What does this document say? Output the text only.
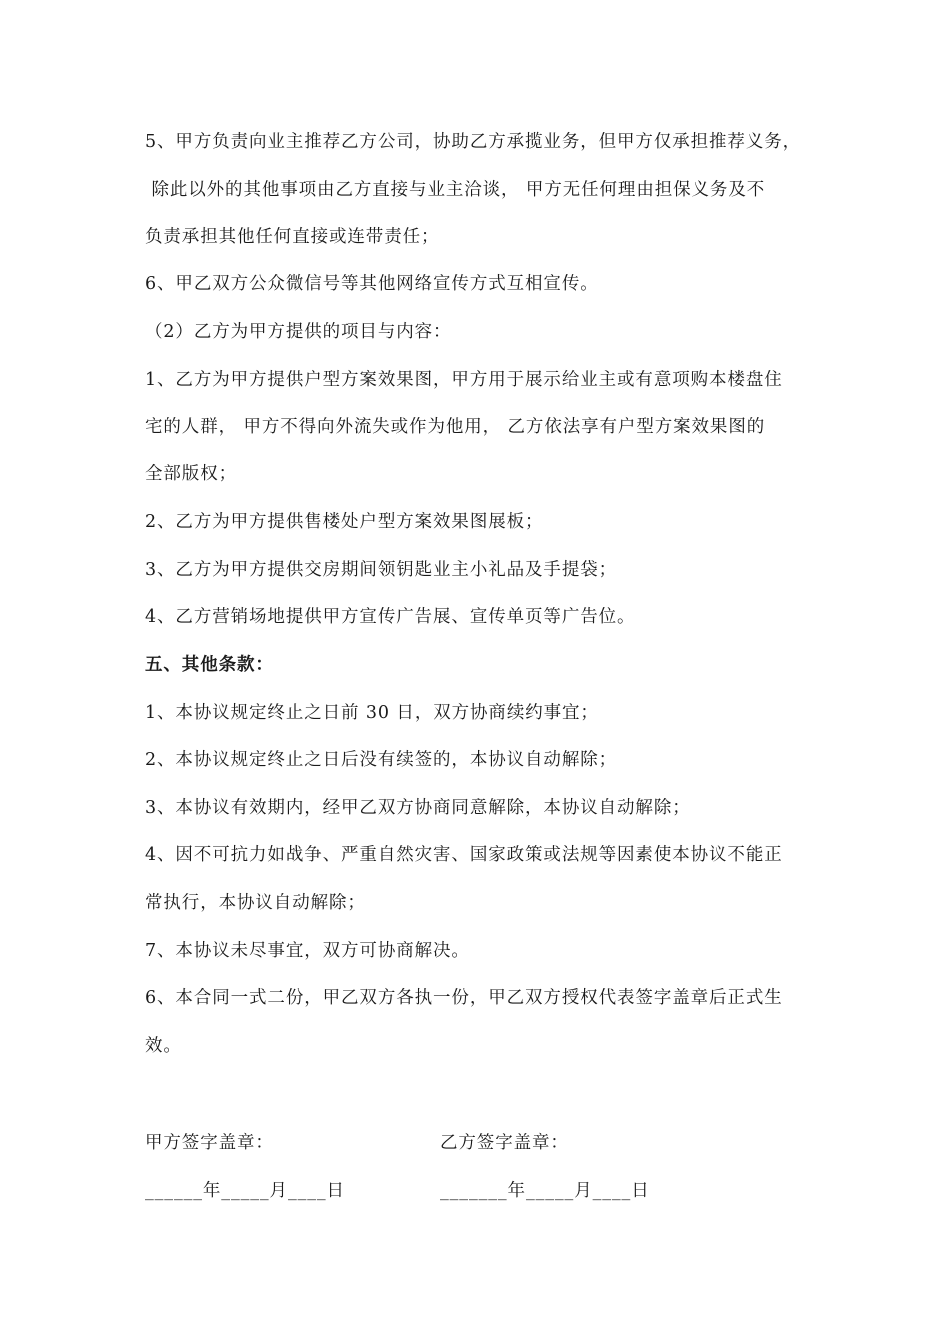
5、甲方负责向业主推荐乙方公司，协助乙方承揽业务，但甲方仅承担推荐义务，
除此以外的其他事项由乙方直接与业主洽谈， 甲方无任何理由担保义务及不
负责承担其他任何直接或连带责任；
6、甲乙双方公众微信号等其他网络宣传方式互相宣传。
（2）乙方为甲方提供的项目与内容：
1、乙方为甲方提供户型方案效果图，甲方用于展示给业主或有意项购本楼盘住
宅的人群， 甲方不得向外流失或作为他用， 乙方依法享有户型方案效果图的
全部版权；
2、乙方为甲方提供售楼处户型方案效果图展板；
3、乙方为甲方提供交房期间领钥匙业主小礼品及手提袋；
4、乙方营销场地提供甲方宣传广告展、宣传单页等广告位。
五、其他条款：
1、本协议规定终止之日前 30 日，双方协商续约事宜；
2、本协议规定终止之日后没有续签的，本协议自动解除；
3、本协议有效期内，经甲乙双方协商同意解除，本协议自动解除；
4、因不可抗力如战争、严重自然灾害、国家政策或法规等因素使本协议不能正
常执行，本协议自动解除；
7、本协议未尽事宜，双方可协商解决。
6、本合同一式二份，甲乙双方各执一份，甲乙双方授权代表签字盖章后正式生
效。
甲方签字盖章：	乙方签字盖章：
______年_____月____日	_______年_____月____日
